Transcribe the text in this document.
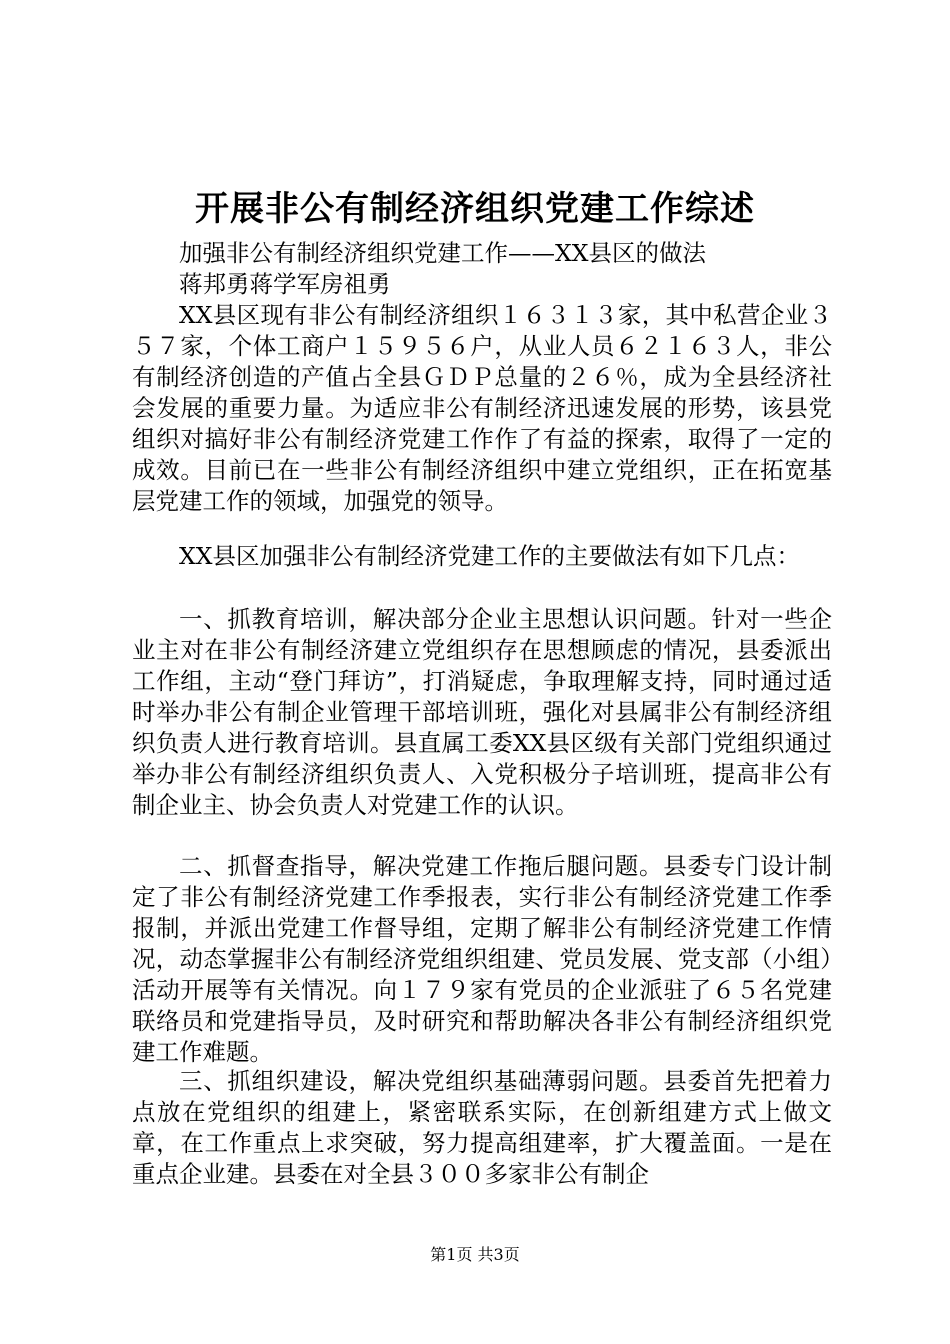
开展非公有制经济组织党建工作综述
加强非公有制经济组织党建工作——XX县区的做法
蒋邦勇蒋学军房祖勇
XX县区现有非公有制经济组织１６３１３家，其中私营企业３５７家，个体工商户１５９５６户，从业人员６２１６３人，非公有制经济创造的产值占全县ＧＤＰ总量的２６％，成为全县经济社会发展的重要力量。为适应非公有制经济迅速发展的形势，该县党组织对搞好非公有制经济党建工作作了有益的探索，取得了一定的成效。目前已在一些非公有制经济组织中建立党组织，正在拓宽基层党建工作的领域，加强党的领导。
XX县区加强非公有制经济党建工作的主要做法有如下几点：
一、抓教育培训，解决部分企业主思想认识问题。针对一些企业主对在非公有制经济建立党组织存在思想顾虑的情况，县委派出工作组，主动“登门拜访”，打消疑虑，争取理解支持，同时通过适时举办非公有制企业管理干部培训班，强化对县属非公有制经济组织负责人进行教育培训。县直属工委XX县区级有关部门党组织通过举办非公有制经济组织负责人、入党积极分子培训班，提高非公有制企业主、协会负责人对党建工作的认识。
二、抓督查指导，解决党建工作拖后腿问题。县委专门设计制定了非公有制经济党建工作季报表，实行非公有制经济党建工作季报制，并派出党建工作督导组，定期了解非公有制经济党建工作情况，动态掌握非公有制经济党组织组建、党员发展、党支部（小组）活动开展等有关情况。向１７９家有党员的企业派驻了６５名党建联络员和党建指导员，及时研究和帮助解决各非公有制经济组织党建工作难题。
三、抓组织建设，解决党组织基础薄弱问题。县委首先把着力点放在党组织的组建上，紧密联系实际，在创新组建方式上做文章，在工作重点上求突破，努力提高组建率，扩大覆盖面。一是在重点企业建。县委在对全县３００多家非公有制企
第1页 共3页
